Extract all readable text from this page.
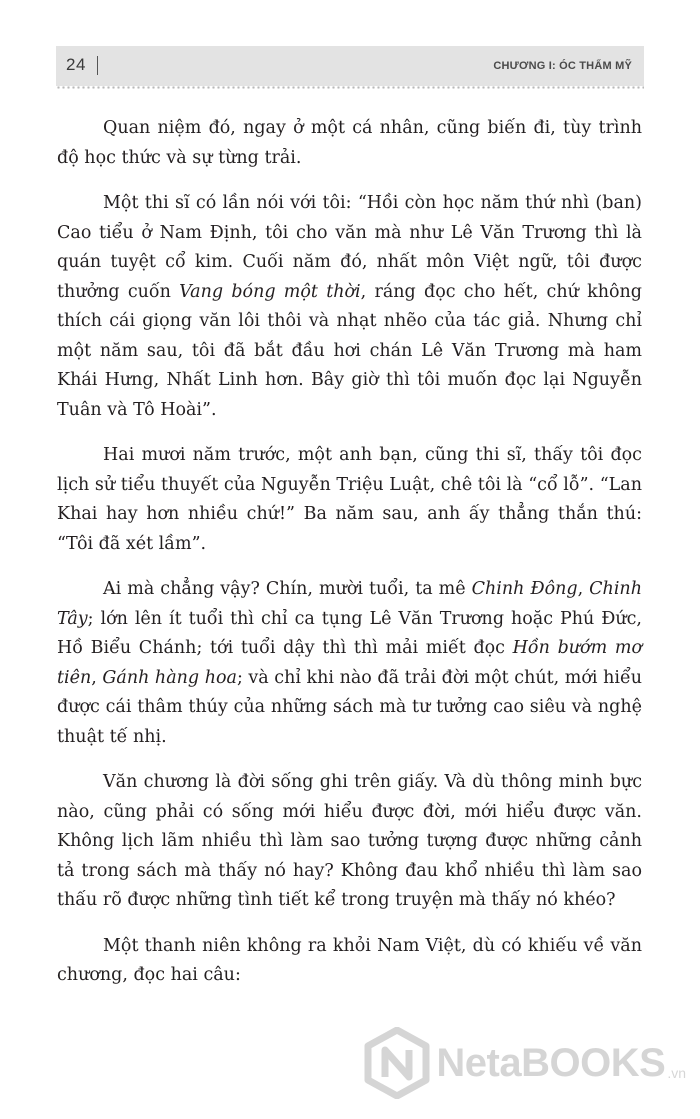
24	CHƯƠNG I: ÓC THẨM MỸ

Quan niệm đó, ngay ở một cá nhân, cũng biến đi, tùy trình độ học thức và sự từng trải.

Một thi sĩ có lần nói với tôi: “Hồi còn học năm thứ nhì (ban) Cao tiểu ở Nam Định, tôi cho văn mà như Lê Văn Trương thì là quán tuyệt cổ kim. Cuối năm đó, nhất môn Việt ngữ, tôi được thưởng cuốn Vang bóng một thời, ráng đọc cho hết, chứ không thích cái giọng văn lôi thôi và nhạt nhẽo của tác giả. Nhưng chỉ một năm sau, tôi đã bắt đầu hơi chán Lê Văn Trương mà ham Khái Hưng, Nhất Linh hơn. Bây giờ thì tôi muốn đọc lại Nguyễn Tuân và Tô Hoài”.

Hai mươi năm trước, một anh bạn, cũng thi sĩ, thấy tôi đọc lịch sử tiểu thuyết của Nguyễn Triệu Luật, chê tôi là “cổ lỗ”. “Lan Khai hay hơn nhiều chứ!” Ba năm sau, anh ấy thẳng thắn thú: “Tôi đã xét lầm”.

Ai mà chẳng vậy? Chín, mười tuổi, ta mê Chinh Đông, Chinh Tây; lớn lên ít tuổi thì chỉ ca tụng Lê Văn Trương hoặc Phú Đức, Hồ Biểu Chánh; tới tuổi dậy thì thì mải miết đọc Hồn bướm mơ tiên, Gánh hàng hoa; và chỉ khi nào đã trải đời một chút, mới hiểu được cái thâm thúy của những sách mà tư tưởng cao siêu và nghệ thuật tế nhị.

Văn chương là đời sống ghi trên giấy. Và dù thông minh bực nào, cũng phải có sống mới hiểu được đời, mới hiểu được văn. Không lịch lãm nhiều thì làm sao tưởng tượng được những cảnh tả trong sách mà thấy nó hay? Không đau khổ nhiều thì làm sao thấu rõ được những tình tiết kể trong truyện mà thấy nó khéo?

Một thanh niên không ra khỏi Nam Việt, dù có khiếu về văn chương, đọc hai câu:

NetaBOOKS .vn
